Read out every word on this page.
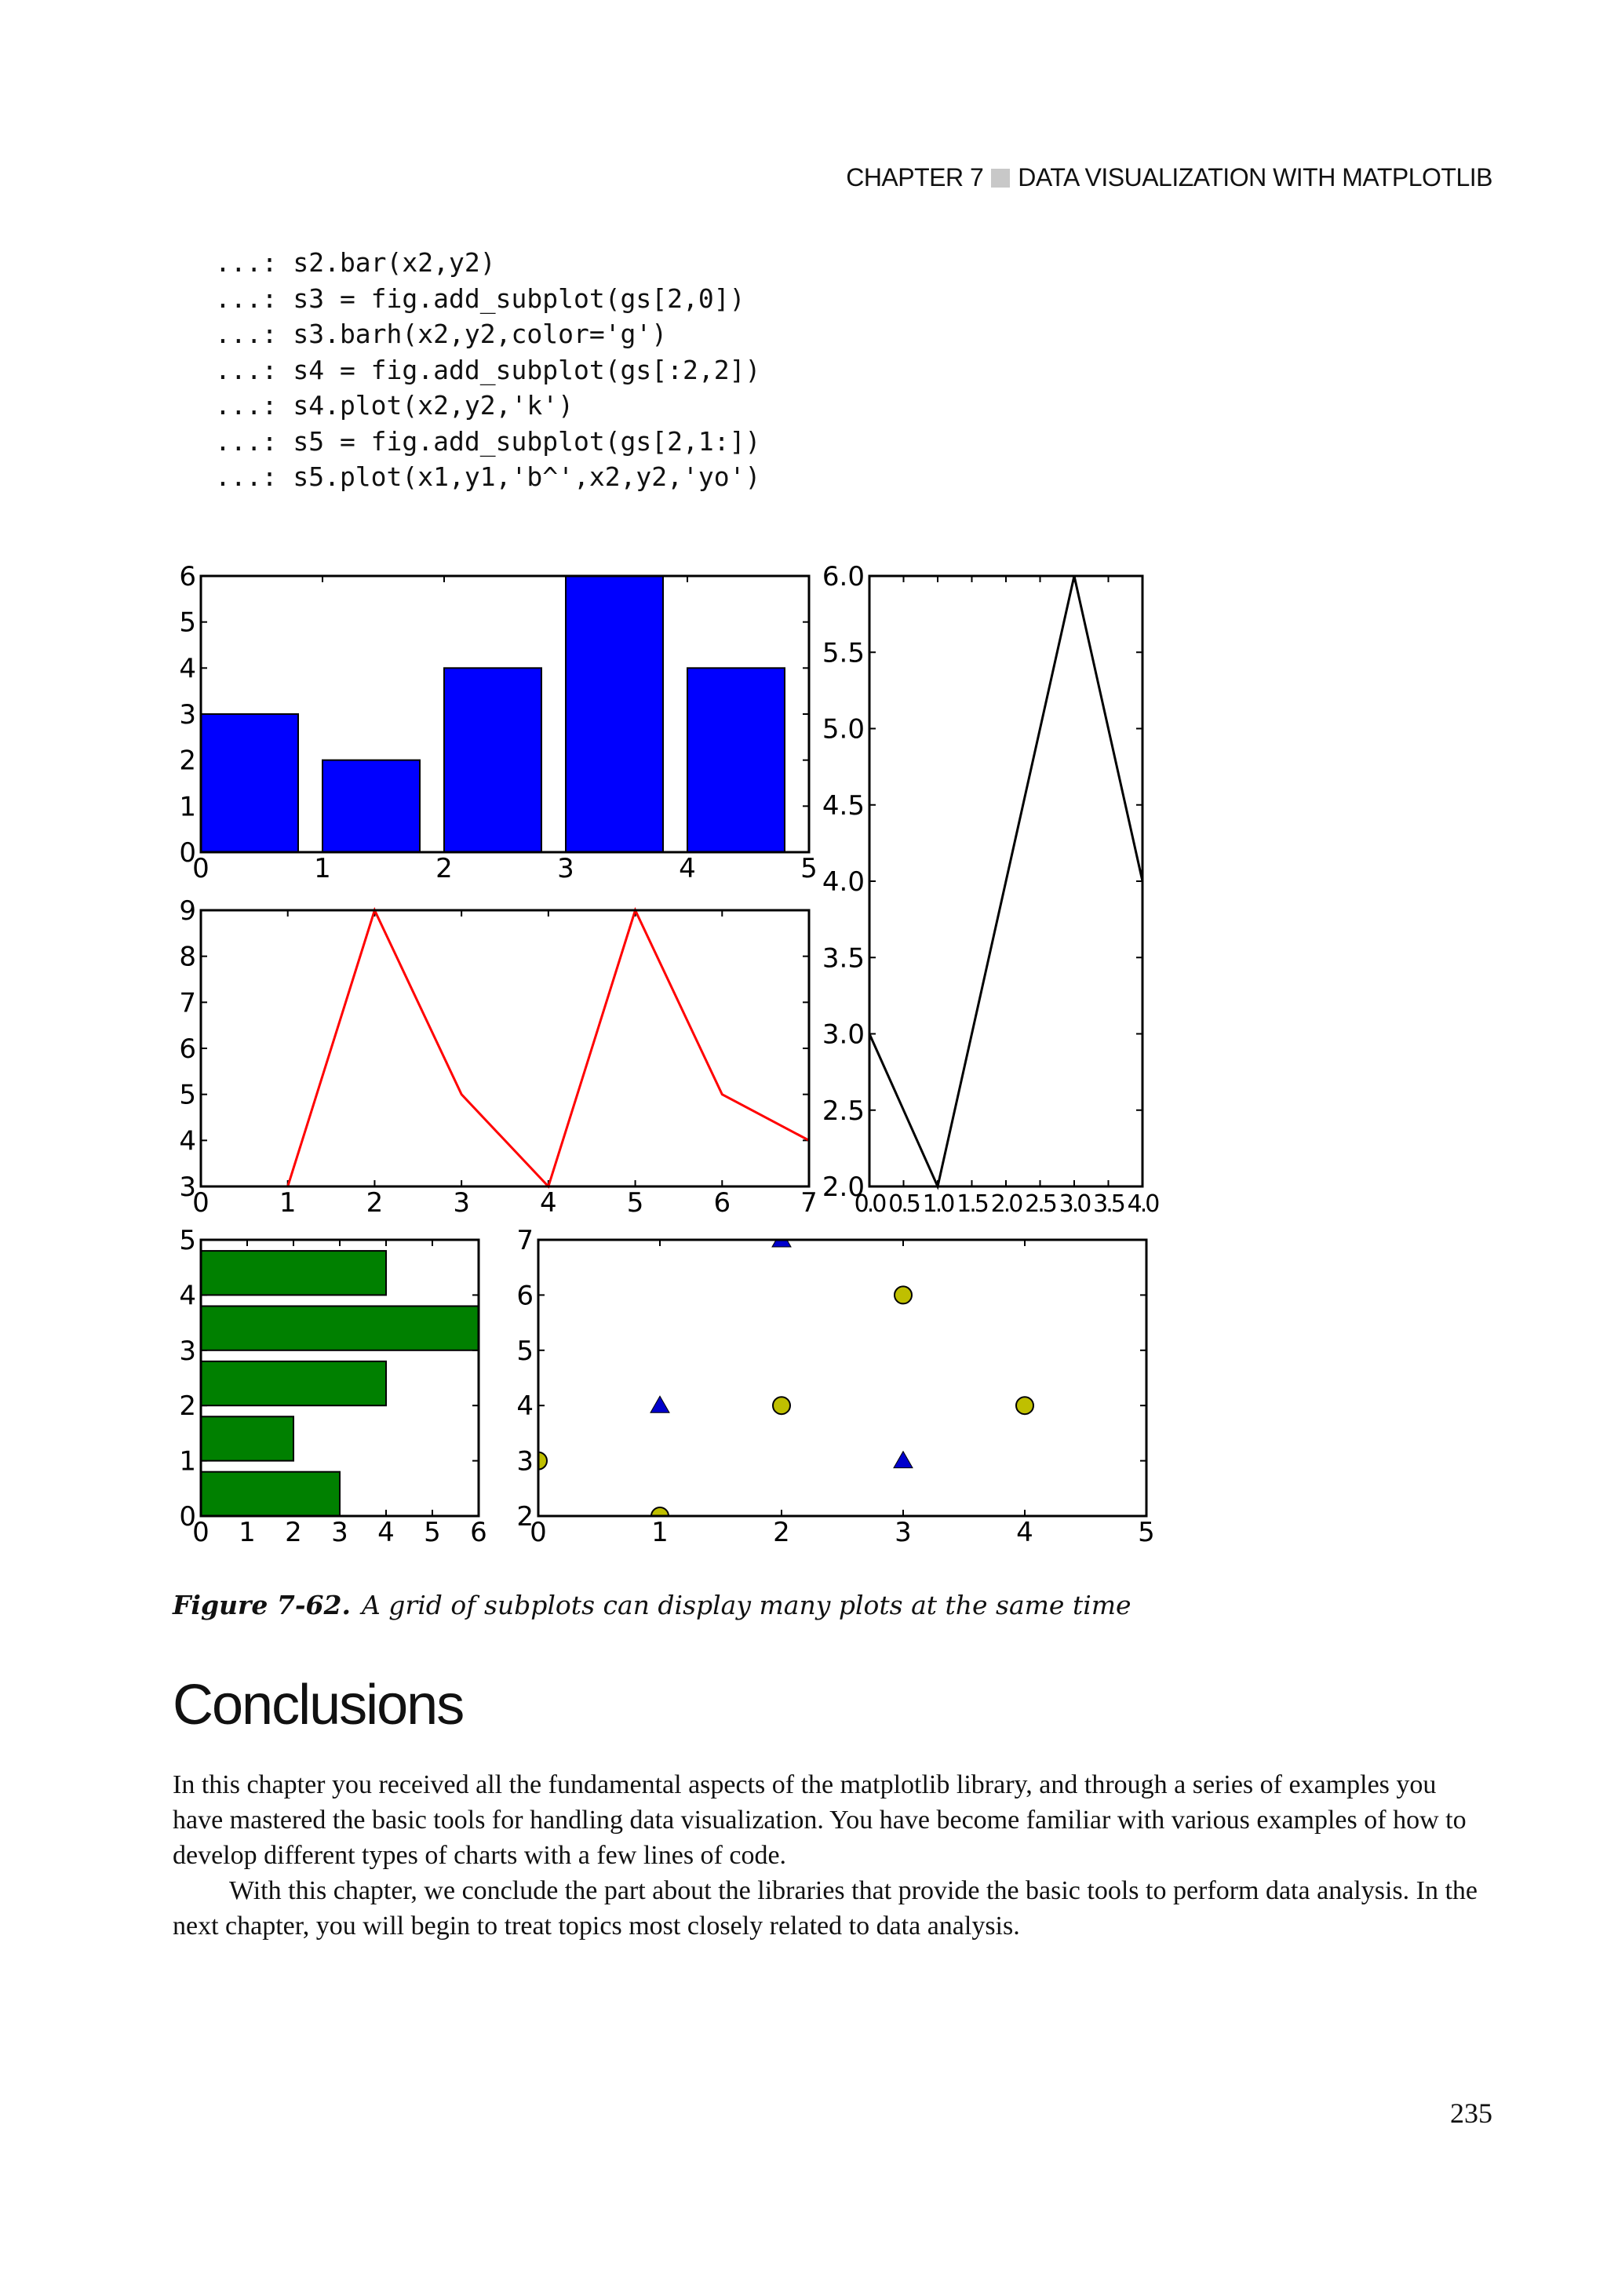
CHAPTER 7 DATA VISUALIZATION WITH MATPLOTLIB
...: s2.bar(x2,y2)
...: s3 = fig.add_subplot(gs[2,0])
...: s3.barh(x2,y2,color='g')
...: s4 = fig.add_subplot(gs[:2,2])
...: s4.plot(x2,y2,'k')
...: s5 = fig.add_subplot(gs[2,1:])
...: s5.plot(x1,y1,'b^',x2,y2,'yo')
0	1	2	3	4	5
0
1
2
3
4
5
6
0	1	2	3	4	5	6	7
3
4
5
6
7
8
9
0.0 0.5 1.0 1.5 2.0 2.5 3.0 3.5 4.0
2.0
2.5
3.0
3.5
4.0
4.5
5.0
5.5
6.0
0 1 2 3 4 5 6
0
1
2
3
4
5
0	1	2	3	4	5
2
3
4
5
6
7
Figure 7-62. A grid of subplots can display many plots at the same time
Conclusions
In this chapter you received all the fundamental aspects of the matplotlib library, and through a series of examples you have mastered the basic tools for handling data visualization. You have become familiar with various examples of how to develop different types of charts with a few lines of code.
With this chapter, we conclude the part about the libraries that provide the basic tools to perform data analysis. In the next chapter, you will begin to treat topics most closely related to data analysis.
235
